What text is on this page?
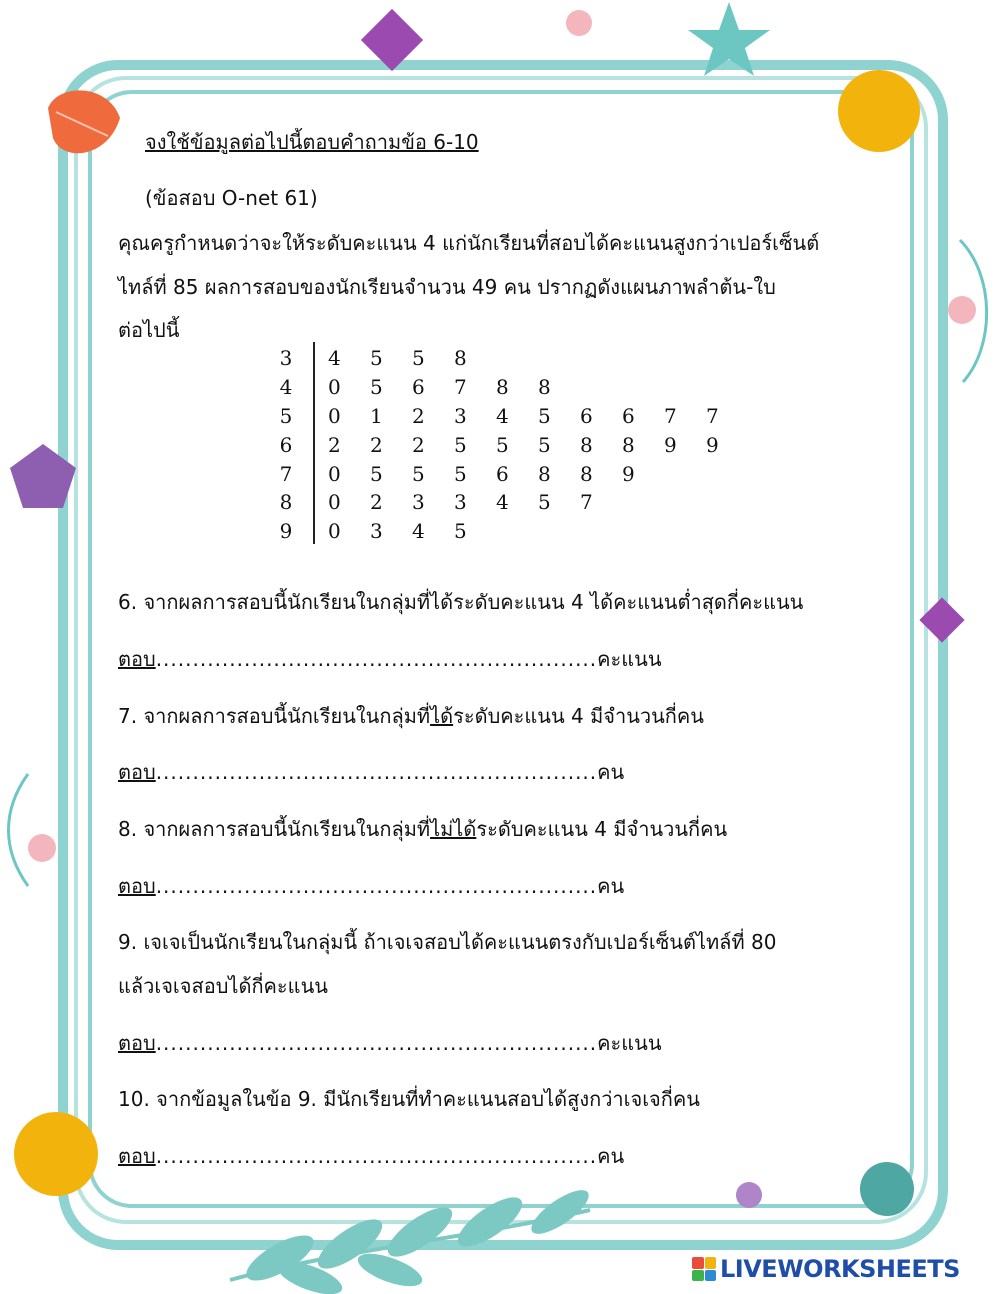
จงใช้ข้อมูลต่อไปนี้ตอบคำถามข้อ 6-10
(ข้อสอบ O-net 61)
คุณครูกำหนดว่าจะให้ระดับคะแนน 4 แก่นักเรียนที่สอบได้คะแนนสูงกว่าเปอร์เซ็นต์
ไทล์ที่ 85 ผลการสอบของนักเรียนจำนวน 49 คน ปรากฏดังแผนภาพลำต้น-ใบ
ต่อไปนี้
3	4	5	5	8
4	0	5	6	7	8	8
5	0	1	2	3	4	5	6	6	7	7
6	2	2	2	5	5	5	8	8	9	9
7	0	5	5	5	6	8	8	9
8	0	2	3	3	4	5	7
9	0	3	4	5
6. จากผลการสอบนี้นักเรียนในกลุ่มที่ได้ระดับคะแนน 4 ได้คะแนนต่ำสุดกี่คะแนน
ตอบ............................................................คะแนน
7. จากผลการสอบนี้นักเรียนในกลุ่มที่ได้ระดับคะแนน 4 มีจำนวนกี่คน
ตอบ............................................................คน
8. จากผลการสอบนี้นักเรียนในกลุ่มที่ไม่ได้ระดับคะแนน 4 มีจำนวนกี่คน
ตอบ............................................................คน
9. เจเจเป็นนักเรียนในกลุ่มนี้ ถ้าเจเจสอบได้คะแนนตรงกับเปอร์เซ็นต์ไทล์ที่ 80
แล้วเจเจสอบได้กี่คะแนน
ตอบ............................................................คะแนน
10. จากข้อมูลในข้อ 9. มีนักเรียนที่ทำคะแนนสอบได้สูงกว่าเจเจกี่คน
ตอบ............................................................คน
LIVEWORKSHEETS
